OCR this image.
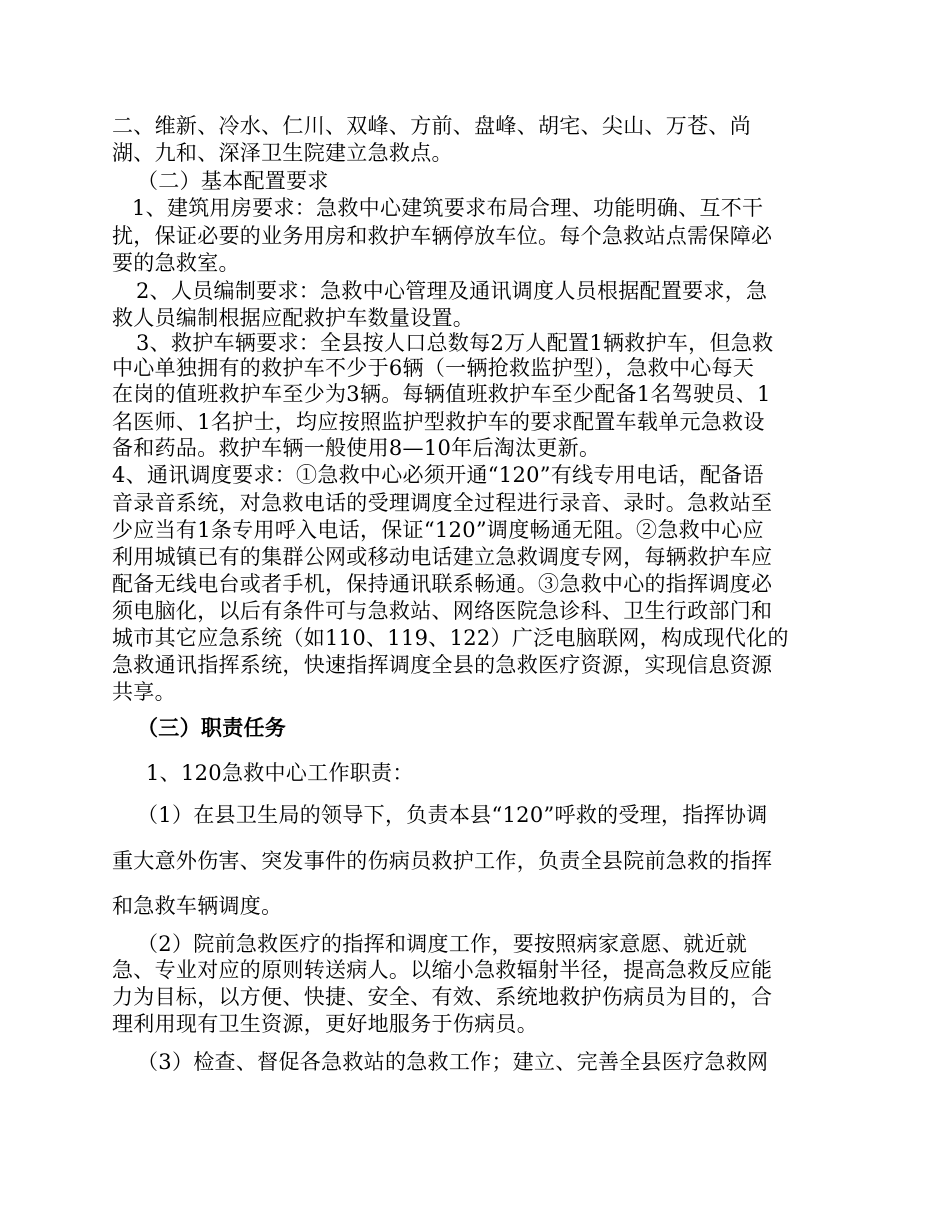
二、维新、冷水、仁川、双峰、方前、盘峰、胡宅、尖山、万苍、尚
湖、九和、深泽卫生院建立急救点。
（二）基本配置要求
1、建筑用房要求：急救中心建筑要求布局合理、功能明确、互不干
扰，保证必要的业务用房和救护车辆停放车位。每个急救站点需保障必
要的急救室。
2、人员编制要求：急救中心管理及通讯调度人员根据配置要求，急
救人员编制根据应配救护车数量设置。
3、救护车辆要求：全县按人口总数每2万人配置1辆救护车，但急救
中心单独拥有的救护车不少于6辆（一辆抢救监护型），急救中心每天
在岗的值班救护车至少为3辆。每辆值班救护车至少配备1名驾驶员、1
名医师、1名护士，均应按照监护型救护车的要求配置车载单元急救设
备和药品。救护车辆一般使用8—10年后淘汰更新。
4、通讯调度要求：①急救中心必须开通“120”有线专用电话，配备语
音录音系统，对急救电话的受理调度全过程进行录音、录时。急救站至
少应当有1条专用呼入电话，保证“120”调度畅通无阻。②急救中心应
利用城镇已有的集群公网或移动电话建立急救调度专网，每辆救护车应
配备无线电台或者手机，保持通讯联系畅通。③急救中心的指挥调度必
须电脑化，以后有条件可与急救站、网络医院急诊科、卫生行政部门和
城市其它应急系统（如110、119、122）广泛电脑联网，构成现代化的
急救通讯指挥系统，快速指挥调度全县的急救医疗资源，实现信息资源
共享。
（三）职责任务
1、120急救中心工作职责：
（1）在县卫生局的领导下，负责本县“120”呼救的受理，指挥协调
重大意外伤害、突发事件的伤病员救护工作，负责全县院前急救的指挥
和急救车辆调度。
（2）院前急救医疗的指挥和调度工作，要按照病家意愿、就近就
急、专业对应的原则转送病人。以缩小急救辐射半径，提高急救反应能
力为目标，以方便、快捷、安全、有效、系统地救护伤病员为目的，合
理利用现有卫生资源，更好地服务于伤病员。
（3）检查、督促各急救站的急救工作；建立、完善全县医疗急救网
